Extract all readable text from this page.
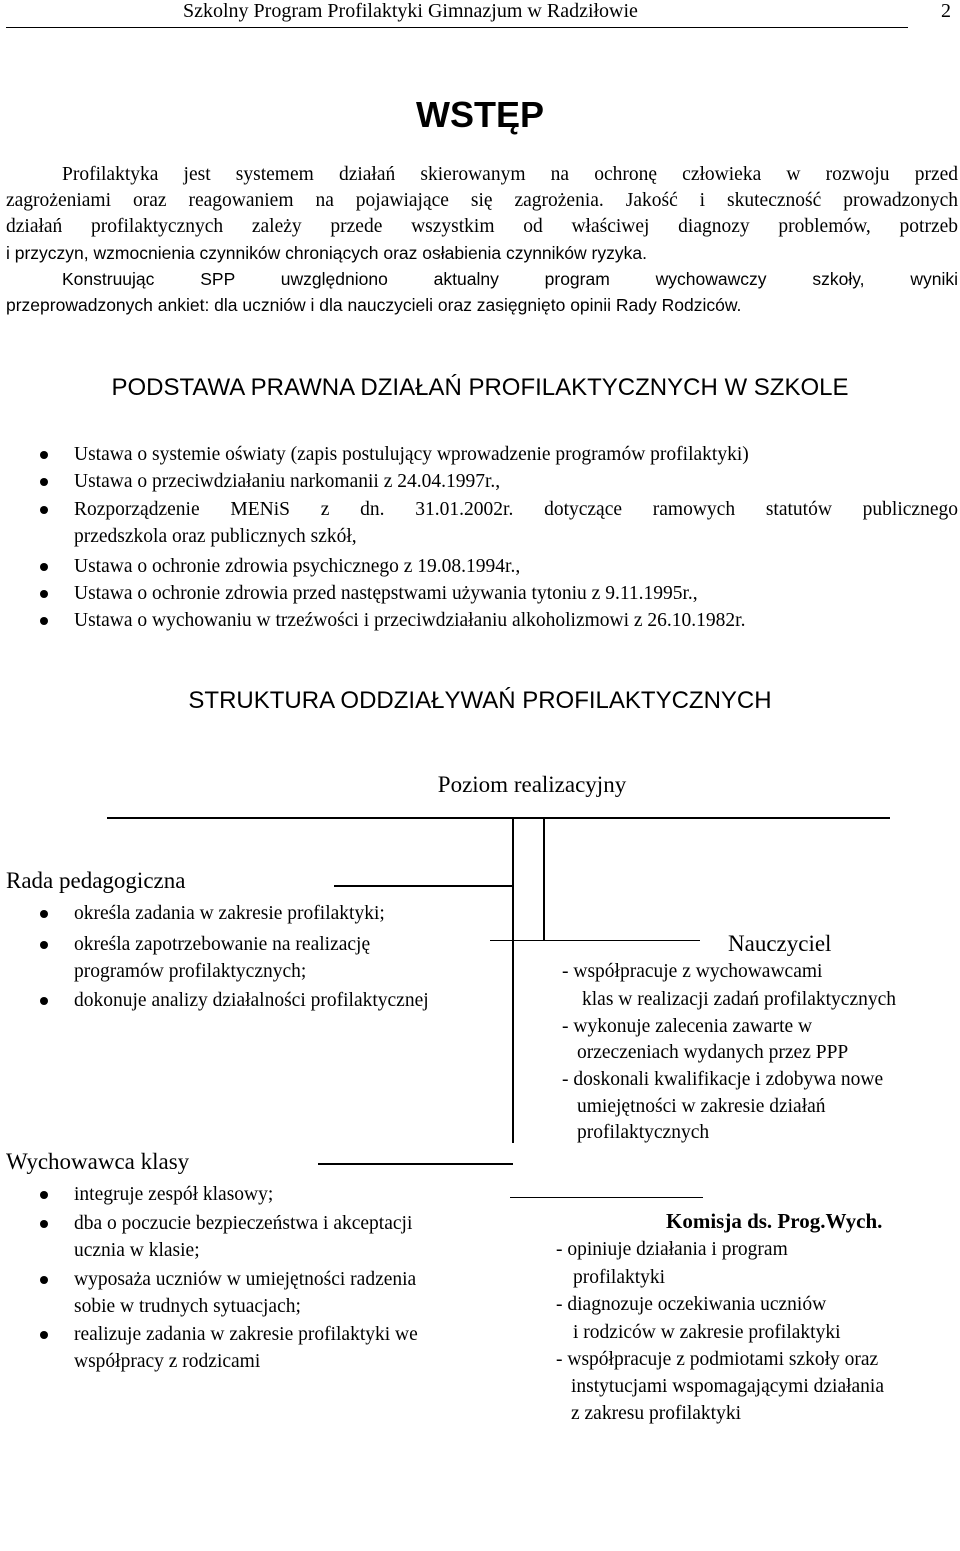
Szkolny Program Profilaktyki Gimnazjum w Radziłowie	2
WSTĘP
Profilaktyka jest systemem działań skierowanym na ochronę człowieka w rozwoju przed
zagrożeniami oraz reagowaniem na pojawiające się zagrożenia. Jakość i skuteczność prowadzonych
działań profilaktycznych zależy przede wszystkim od właściwej diagnozy problemów, potrzeb
i przyczyn, wzmocnienia czynników chroniących oraz osłabienia czynników ryzyka.
Konstruując SPP uwzględniono aktualny program wychowawczy szkoły, wyniki
przeprowadzonych ankiet: dla uczniów i dla nauczycieli oraz zasięgnięto opinii Rady Rodziców.
PODSTAWA PRAWNA DZIAŁAŃ PROFILAKTYCZNYCH W SZKOLE
Ustawa o systemie oświaty (zapis postulujący wprowadzenie programów profilaktyki)
Ustawa o przeciwdziałaniu narkomanii z 24.04.1997r.,
Rozporządzenie MENiS z dn. 31.01.2002r. dotyczące ramowych statutów publicznego
przedszkola oraz publicznych szkół,
Ustawa o ochronie zdrowia psychicznego z 19.08.1994r.,
Ustawa o ochronie zdrowia przed następstwami używania tytoniu z 9.11.1995r.,
Ustawa o wychowaniu w trzeźwości i przeciwdziałaniu alkoholizmowi z 26.10.1982r.
STRUKTURA ODDZIAŁYWAŃ PROFILAKTYCZNYCH
Poziom realizacyjny
Rada pedagogiczna
określa zadania w zakresie profilaktyki;
określa zapotrzebowanie na realizację
programów profilaktycznych;
dokonuje analizy działalności profilaktycznej
Nauczyciel
- współpracuje z wychowawcami
klas w realizacji zadań profilaktycznych
- wykonuje zalecenia zawarte w
orzeczeniach wydanych przez PPP
- doskonali kwalifikacje i zdobywa nowe
umiejętności w zakresie działań
profilaktycznych
Wychowawca klasy
integruje zespół klasowy;
dba o poczucie bezpieczeństwa i akceptacji
ucznia w klasie;
wyposaża uczniów w umiejętności radzenia
sobie w trudnych sytuacjach;
realizuje zadania w zakresie profilaktyki we
współpracy z rodzicami
Komisja ds. Prog.Wych.
- opiniuje działania i program
profilaktyki
- diagnozuje oczekiwania uczniów
i rodziców w zakresie profilaktyki
- współpracuje z podmiotami szkoły oraz
instytucjami wspomagającymi działania
z zakresu profilaktyki
